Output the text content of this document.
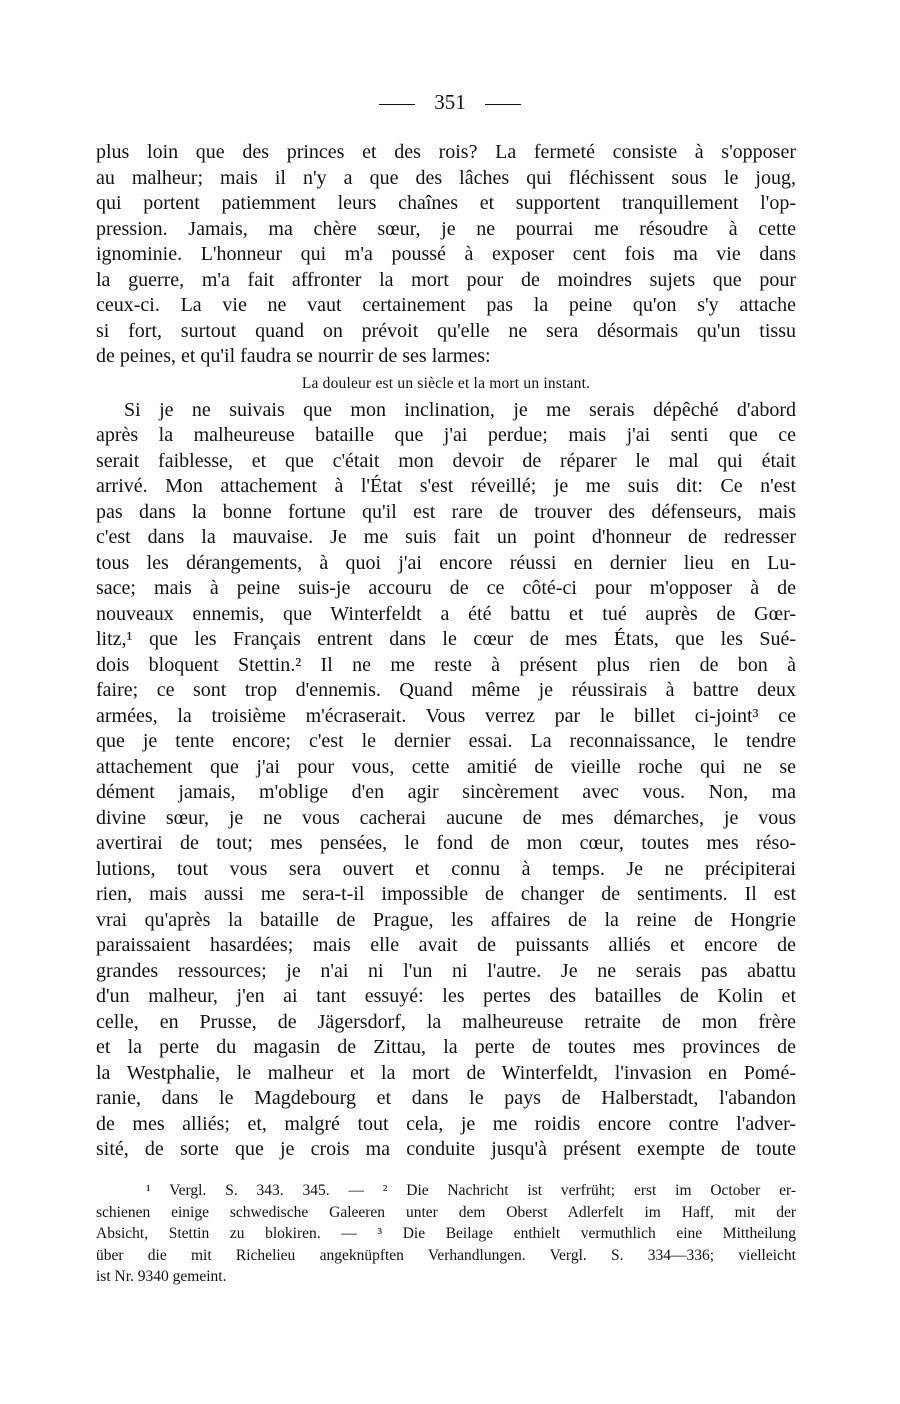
351
plus loin que des princes et des rois? La fermeté consiste à s'opposer
au malheur; mais il n'y a que des lâches qui fléchissent sous le joug,
qui portent patiemment leurs chaînes et supportent tranquillement l'op-
pression. Jamais, ma chère sœur, je ne pourrai me résoudre à cette
ignominie. L'honneur qui m'a poussé à exposer cent fois ma vie dans
la guerre, m'a fait affronter la mort pour de moindres sujets que pour
ceux-ci. La vie ne vaut certainement pas la peine qu'on s'y attache
si fort, surtout quand on prévoit qu'elle ne sera désormais qu'un tissu
de peines, et qu'il faudra se nourrir de ses larmes:
La douleur est un siècle et la mort un instant.
Si je ne suivais que mon inclination, je me serais dépêché d'abord
après la malheureuse bataille que j'ai perdue; mais j'ai senti que ce
serait faiblesse, et que c'était mon devoir de réparer le mal qui était
arrivé. Mon attachement à l'État s'est réveillé; je me suis dit: Ce n'est
pas dans la bonne fortune qu'il est rare de trouver des défenseurs, mais
c'est dans la mauvaise. Je me suis fait un point d'honneur de redresser
tous les dérangements, à quoi j'ai encore réussi en dernier lieu en Lu-
sace; mais à peine suis-je accouru de ce côté-ci pour m'opposer à de
nouveaux ennemis, que Winterfeldt a été battu et tué auprès de Gœr-
litz,¹ que les Français entrent dans le cœur de mes États, que les Sué-
dois bloquent Stettin.² Il ne me reste à présent plus rien de bon à
faire; ce sont trop d'ennemis. Quand même je réussirais à battre deux
armées, la troisième m'écraserait. Vous verrez par le billet ci-joint³ ce
que je tente encore; c'est le dernier essai. La reconnaissance, le tendre
attachement que j'ai pour vous, cette amitié de vieille roche qui ne se
dément jamais, m'oblige d'en agir sincèrement avec vous. Non, ma
divine sœur, je ne vous cacherai aucune de mes démarches, je vous
avertirai de tout; mes pensées, le fond de mon cœur, toutes mes réso-
lutions, tout vous sera ouvert et connu à temps. Je ne précipiterai
rien, mais aussi me sera-t-il impossible de changer de sentiments. Il est
vrai qu'après la bataille de Prague, les affaires de la reine de Hongrie
paraissaient hasardées; mais elle avait de puissants alliés et encore de
grandes ressources; je n'ai ni l'un ni l'autre. Je ne serais pas abattu
d'un malheur, j'en ai tant essuyé: les pertes des batailles de Kolin et
celle, en Prusse, de Jägersdorf, la malheureuse retraite de mon frère
et la perte du magasin de Zittau, la perte de toutes mes provinces de
la Westphalie, le malheur et la mort de Winterfeldt, l'invasion en Pomé-
ranie, dans le Magdebourg et dans le pays de Halberstadt, l'abandon
de mes alliés; et, malgré tout cela, je me roidis encore contre l'adver-
sité, de sorte que je crois ma conduite jusqu'à présent exempte de toute
¹ Vergl. S. 343. 345. — ² Die Nachricht ist verfrüht; erst im October er-
schienen einige schwedische Galeeren unter dem Oberst Adlerfelt im Haff, mit der
Absicht, Stettin zu blokiren. — ³ Die Beilage enthielt vermuthlich eine Mittheilung
über die mit Richelieu angeknüpften Verhandlungen. Vergl. S. 334—336; vielleicht
ist Nr. 9340 gemeint.
